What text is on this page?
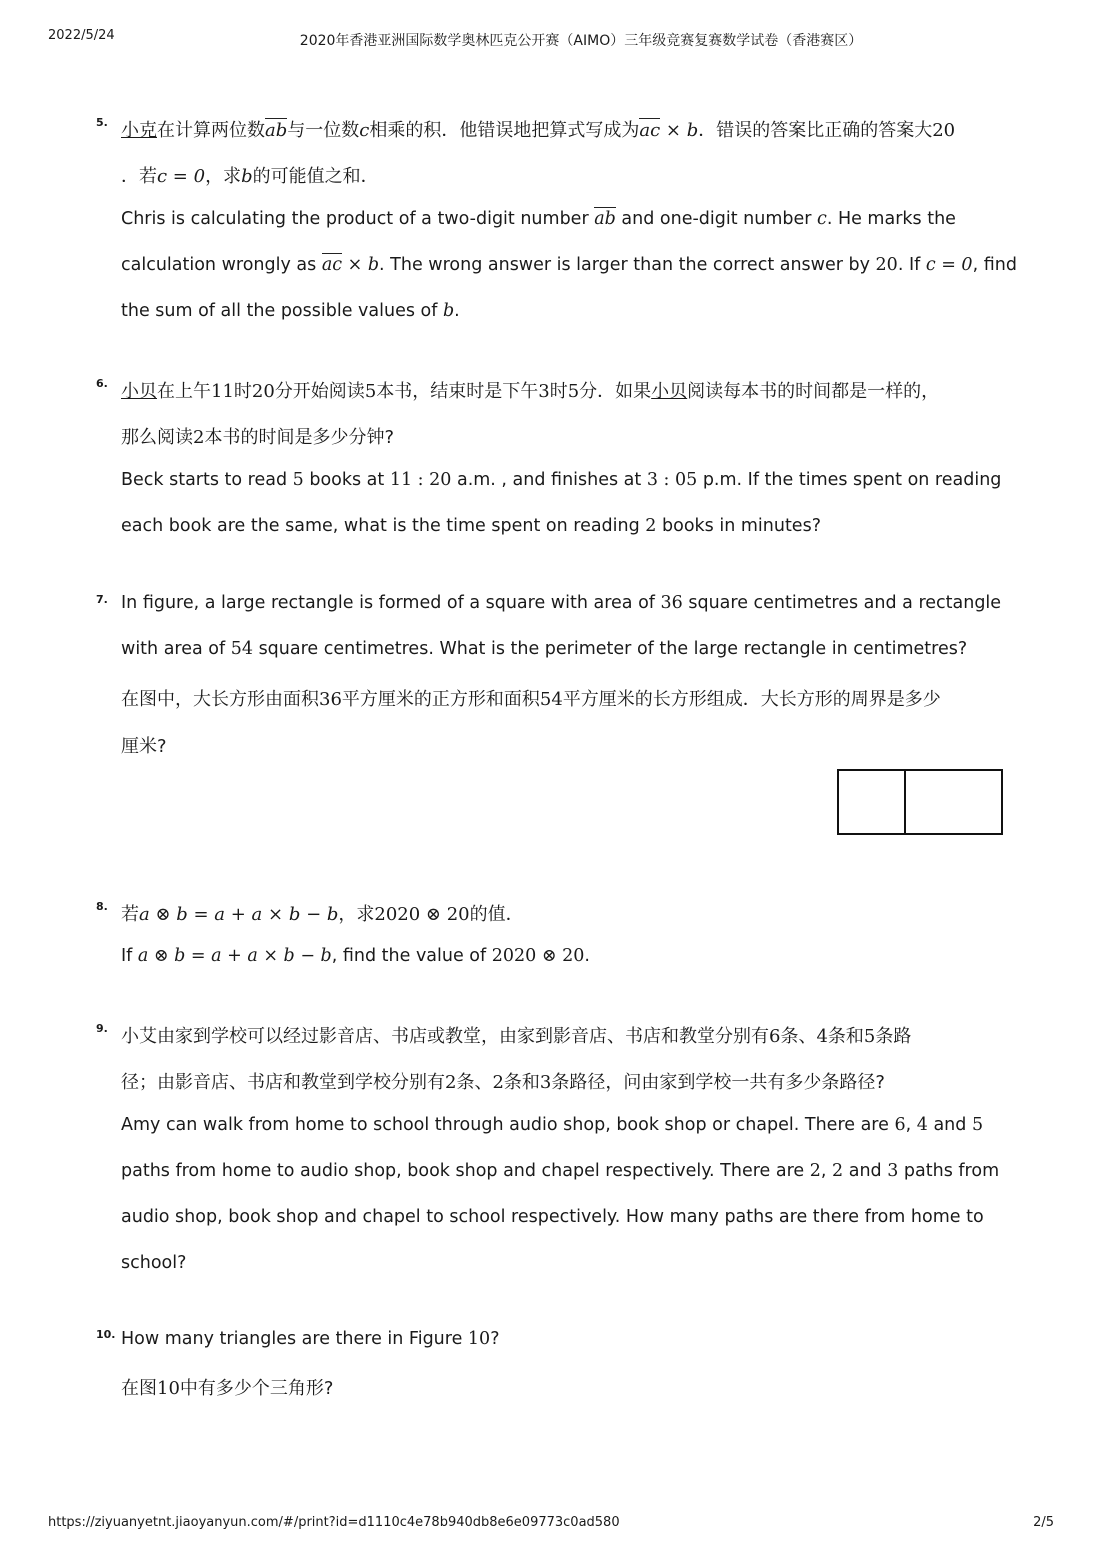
2022/5/24	2020年香港亚洲国际数学奥林匹克公开赛（AIMO）三年级竞赛复赛数学试卷（香港赛区）
5. 小克在计算两位数ab与一位数c相乘的积．他错误地把算式写成为ac × b．错误的答案比正确的答案大20
．若c = 0，求b的可能值之和．
Chris is calculating the product of a two-digit number ab and one-digit number c. He marks the
calculation wrongly as ac × b. The wrong answer is larger than the correct answer by 20. If c = 0, find
the sum of all the possible values of b.
6. 小贝在上午11时20分开始阅读5本书，结束时是下午3时5分．如果小贝阅读每本书的时间都是一样的，
那么阅读2本书的时间是多少分钟?
Beck starts to read 5 books at 11 : 20 a.m. , and finishes at 3 : 05 p.m. If the times spent on reading
each book are the same, what is the time spent on reading 2 books in minutes?
7. In figure, a large rectangle is formed of a square with area of 36 square centimetres and a rectangle
with area of 54 square centimetres. What is the perimeter of the large rectangle in centimetres?
在图中，大长方形由面积36平方厘米的正方形和面积54平方厘米的长方形组成．大长方形的周界是多少
厘米?
8. 若a ⊗ b = a + a × b − b，求2020 ⊗ 20的值．
If a ⊗ b = a + a × b − b, find the value of 2020 ⊗ 20.
9. 小艾由家到学校可以经过影音店、书店或教堂，由家到影音店、书店和教堂分别有6条、4条和5条路
径；由影音店、书店和教堂到学校分别有2条、2条和3条路径，问由家到学校一共有多少条路径?
Amy can walk from home to school through audio shop, book shop or chapel. There are 6, 4 and 5
paths from home to audio shop, book shop and chapel respectively. There are 2, 2 and 3 paths from
audio shop, book shop and chapel to school respectively. How many paths are there from home to
school?
10. How many triangles are there in Figure 10?
在图10中有多少个三角形?
https://ziyuanyetnt.jiaoyanyun.com/#/print?id=d1110c4e78b940db8e6e09773c0ad580	2/5
